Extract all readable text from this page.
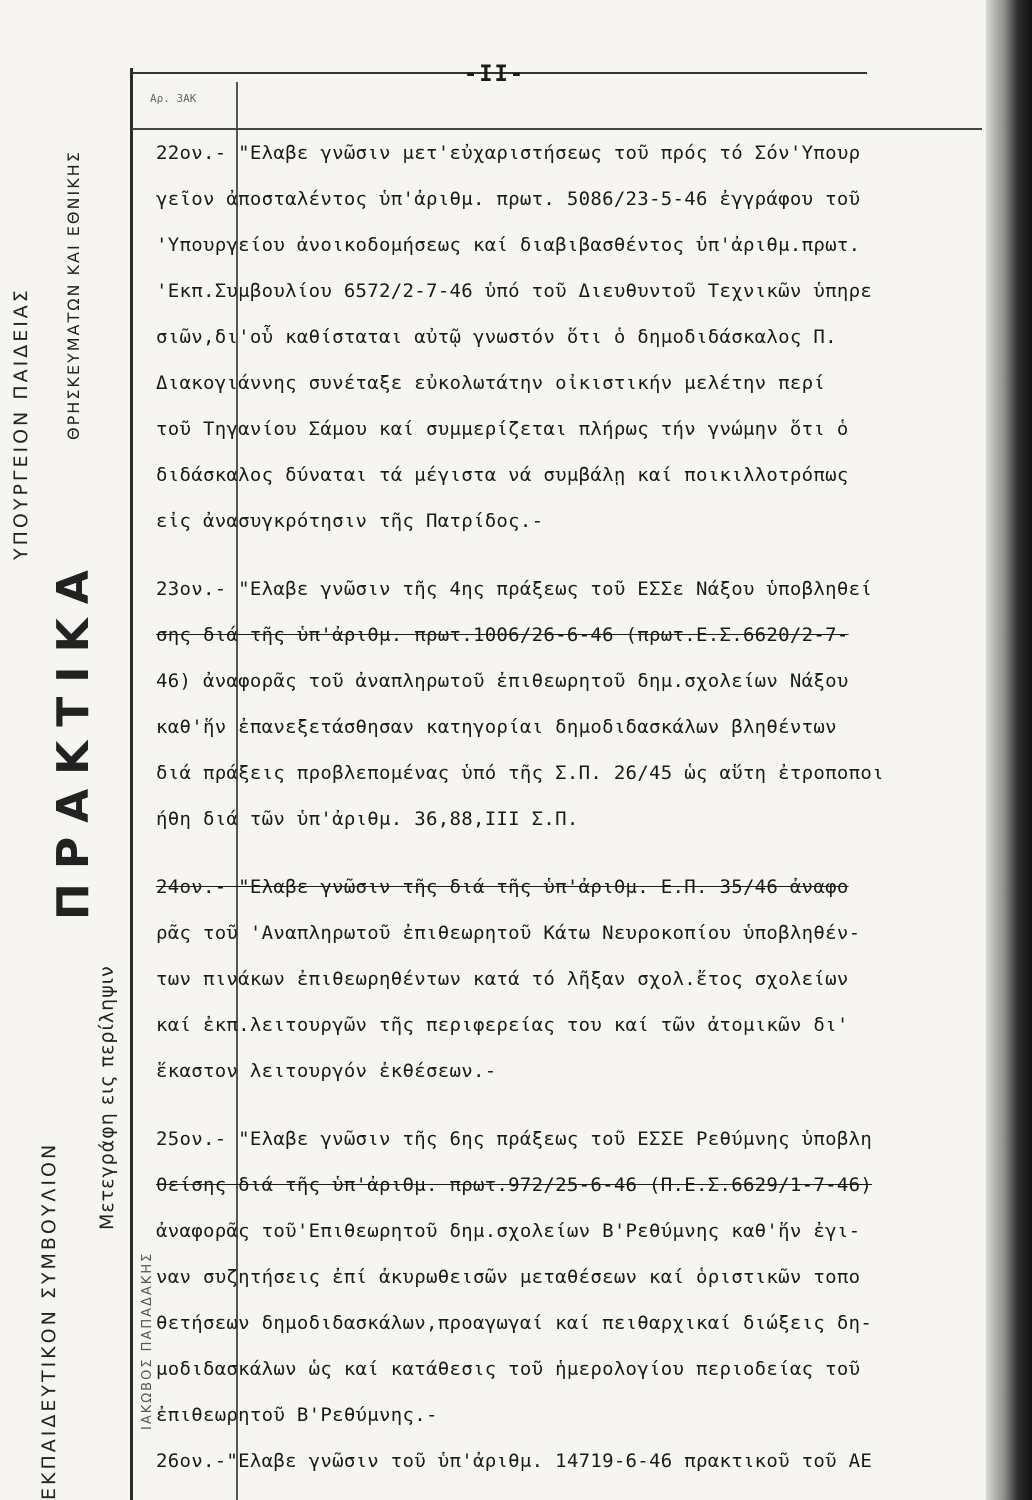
-II-
Αρ. 3ΑΚ
ΥΠΟΥΡΓΕΙΟΝ ΠΑΙΔΕΙΑΣ
ΕΚΠΑΙΔΕΥΤΙΚΟΝ ΣΥΜΒΟΥΛΙΟΝ
ΘΡΗΣΚΕΥΜΑΤΩΝ ΚΑΙ ΕΘΝΙΚΗΣ
ΠΡΑΚΤΙΚΑ
Μετεγράφη εις περίληψιν
ΙΑΚΩΒΟΣ ΠΑΠΑΔΑΚΗΣ
22ον.- "Ελαβε γνῶσιν μετ'εὐχαριστήσεως τοῦ πρός τό Σόν'Υπουρ
γεῖον ἀποσταλέντος ὑπ'ἀριθμ. πρωτ. 5086/23-5-46 ἐγγράφου τοῦ
'Υπουργείου ἀνοικοδομήσεως καί διαβιβασθέντος ὑπ'ἀριθμ.πρωτ.
'Εκπ.Συμβουλίου 6572/2-7-46 ὑπό τοῦ Διευθυντοῦ Τεχνικῶν ὑπηρε
σιῶν,δι'οὗ καθίσταται αὐτῷ γνωστόν ὅτι ὁ δημοδιδάσκαλος Π.
Διακογιάννης συνέταξε εὐκολωτάτην οἰκιστικήν μελέτην περί
τοῦ Τηγανίου Σάμου καί συμμερίζεται πλήρως τήν γνώμην ὅτι ὁ
διδάσκαλος δύναται τά μέγιστα νά συμβάλῃ καί ποικιλλοτρόπως
εἰς ἀνασυγκρότησιν τῆς Πατρίδος.-
23ον.- "Ελαβε γνῶσιν τῆς 4ης πράξεως τοῦ ΕΣΣε Νάξου ὑποβληθεί
σης διά τῆς ὑπ'ἀριθμ. πρωτ.1006/26-6-46 (πρωτ.Ε.Σ.6620/2-7-
46) ἀναφορᾶς τοῦ ἀναπληρωτοῦ ἐπιθεωρητοῦ δημ.σχολείων Νάξου
καθ'ἥν ἐπανεξετάσθησαν κατηγορίαι δημοδιδασκάλων βληθέντων
διά πράξεις προβλεπομένας ὑπό τῆς Σ.Π. 26/45 ὡς αὕτη ἐτροποποι
ήθη διά τῶν ὑπ'ἀριθμ. 36,88,III Σ.Π.
24ον.- "Ελαβε γνῶσιν τῆς διά τῆς ὑπ'ἀριθμ. Ε.Π. 35/46 ἀναφο
ρᾶς τοῦ 'Αναπληρωτοῦ ἐπιθεωρητοῦ Κάτω Νευροκοπίου ὑποβληθέν-
των πινάκων ἐπιθεωρηθέντων κατά τό λῆξαν σχολ.ἔτος σχολείων
καί ἐκπ.λειτουργῶν τῆς περιφερείας του καί τῶν ἀτομικῶν δι'
ἕκαστον λειτουργόν ἐκθέσεων.-
25ον.- "Ελαβε γνῶσιν τῆς 6ης πράξεως τοῦ ΕΣΣΕ Ρεθύμνης ὑποβλη
θείσης διά τῆς ὑπ'ἀριθμ. πρωτ.972/25-6-46 (Π.Ε.Σ.6629/1-7-46)
ἀναφορᾶς τοῦ'Επιθεωρητοῦ δημ.σχολείων Β'Ρεθύμνης καθ'ἥν ἐγι-
ναν συζητήσεις ἐπί ἀκυρωθεισῶν μεταθέσεων καί ὁριστικῶν τοπο
θετήσεων δημοδιδασκάλων,προαγωγαί καί πειθαρχικαί διώξεις δη-
μοδιδασκάλων ὡς καί κατάθεσις τοῦ ἡμερολογίου περιοδείας τοῦ
ἐπιθεωρητοῦ Β'Ρεθύμνης.-
26ον.-"Ελαβε γνῶσιν τοῦ ὑπ'ἀριθμ. 14719-6-46 πρακτικοῦ τοῦ ΑΕ
